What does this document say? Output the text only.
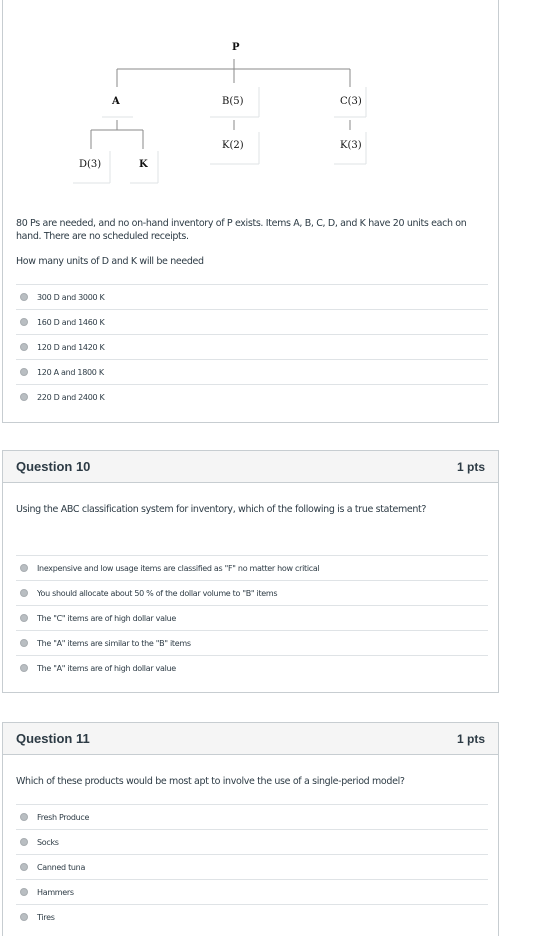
P
A	B(5)	C(3)
K(2)	K(3)
D(3)	K
80 Ps are needed, and no on-hand inventory of P exists. Items A, B, C, D, and K have 20 units each on hand. There are no scheduled receipts.
How many units of D and K will be needed
300 D and 3000 K
160 D and 1460 K
120 D and 1420 K
120 A and 1800 K
220 D and 2400 K
Question 10	1 pts
Using the ABC classification system for inventory, which of the following is a true statement?
Inexpensive and low usage items are classified as "F" no matter how critical
You should allocate about 50 % of the dollar volume to "B" items
The "C" items are of high dollar value
The "A" items are similar to the "B" items
The "A" items are of high dollar value
Question 11	1 pts
Which of these products would be most apt to involve the use of a single-period model?
Fresh Produce
Socks
Canned tuna
Hammers
Tires
